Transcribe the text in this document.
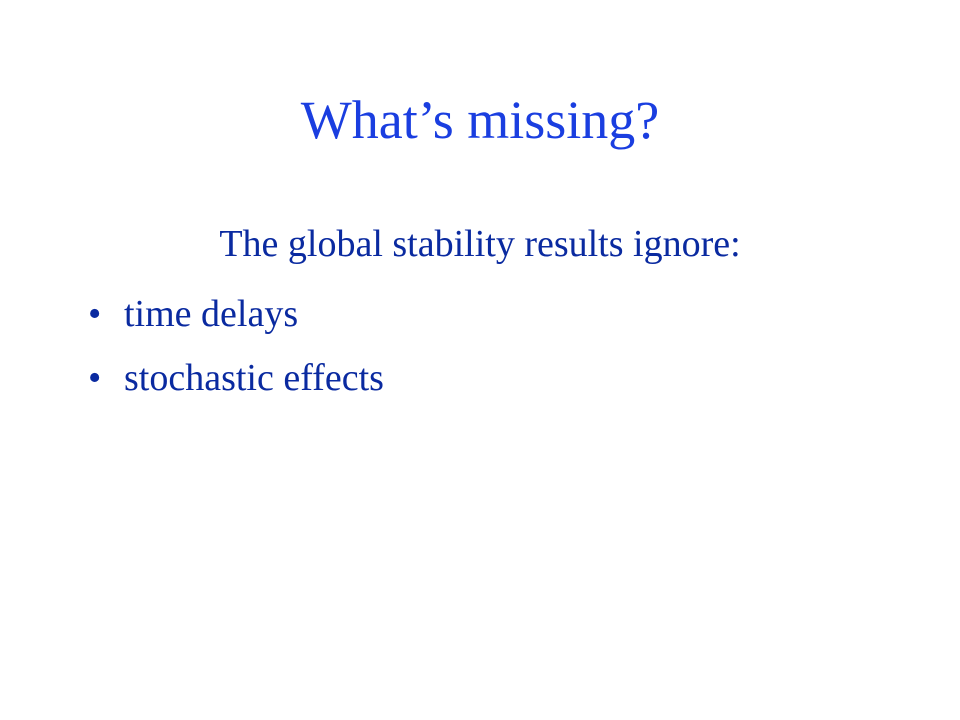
What’s missing?

The global stability results ignore:

• time delays
• stochastic effects
